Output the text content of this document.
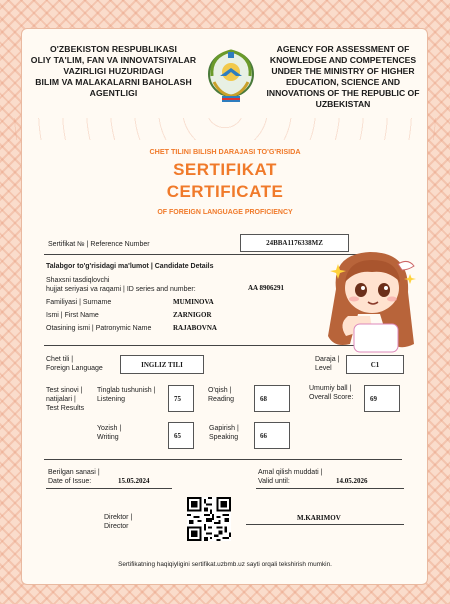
O'ZBEKISTON RESPUBLIKASI
OLIY TA'LIM, FAN VA INNOVATSIYALAR
VAZIRLIGI HUZURIDAGI
BILIM VA MALAKALARNI BAHOLASH
AGENTLIGI
AGENCY FOR ASSESSMENT OF
KNOWLEDGE AND COMPETENCES
UNDER THE MINISTRY OF HIGHER
EDUCATION, SCIENCE AND
INNOVATIONS OF THE REPUBLIC OF
UZBEKISTAN
CHET TILINI BILISH DARAJASI TO'G'RISIDA
SERTIFIKAT
CERTIFICATE
OF FOREIGN LANGUAGE PROFICIENCY
Sertifikat № | Reference Number	24BBA1176338MZ
Talabgor to'g'risidagi ma'lumot | Candidate Details
Shaxsni tasdiqlovchi
hujjat seriyasi va raqami | ID series and number:	AA 8906291
Familiyasi | Surname	MUMINOVA
Ismi | First Name	ZARNIGOR
Otasining ismi | Patronymic Name	RAJABOVNA
Chet tili |
Foreign Language	INGLIZ TILI
Daraja |
Level	C1
Test sinovi |
natijalari |
Test Results
Tinglab tushunish |
Listening	75
O'qish |
Reading	68
Umumiy ball |
Overall Score:	69
Yozish |
Writing	65
Gapirish |
Speaking	66
Berilgan sanasi |
Date of Issue:	15.05.2024
Amal qilish muddati |
Valid until:	14.05.2026
Direktor |
Director
M.KARIMOV
Sertifikatning haqiqiyligini sertifikat.uzbmb.uz sayti orqali tekshirish mumkin.
